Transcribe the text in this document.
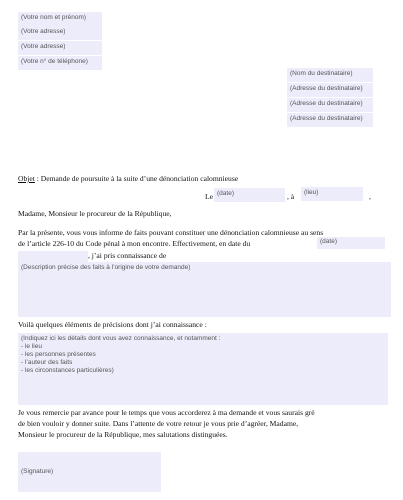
(Votre nom et prénom)
(Votre adresse)
(Votre adresse)
(Votre n° de téléphone)
(Nom du destinataire)
(Adresse du destinataire)
(Adresse du destinataire)
(Adresse du destinataire)
Objet : Demande de poursuite à la suite d’une dénonciation calomnieuse
Le (date)	, à	(lieu)	,
Madame, Monsieur le procureur de la République,
Par la présente, vous vous informe de faits pouvant constituer une dénonciation calomnieuse au sens
de l’article 226-10 du Code pénal à mon encontre. Effectivement, en date du	(date)
, j’ai pris connaissance de
(Description précise des faits à l’origine de votre demande)
Voilà quelques éléments de précisions dont j’ai connaissance :
(Indiquez ici les détails dont vous avez connaissance, et notamment :
- le lieu
- les personnes présentes
- l’auteur des faits
- les circonstances particulières)
Je vous remercie par avance pour le temps que vous accorderez à ma demande et vous saurais gré
de bien vouloir y donner suite. Dans l’attente de votre retour je vous prie d’agréer, Madame,
Monsieur le procureur de la République, mes salutations distinguées.
(Signature)
